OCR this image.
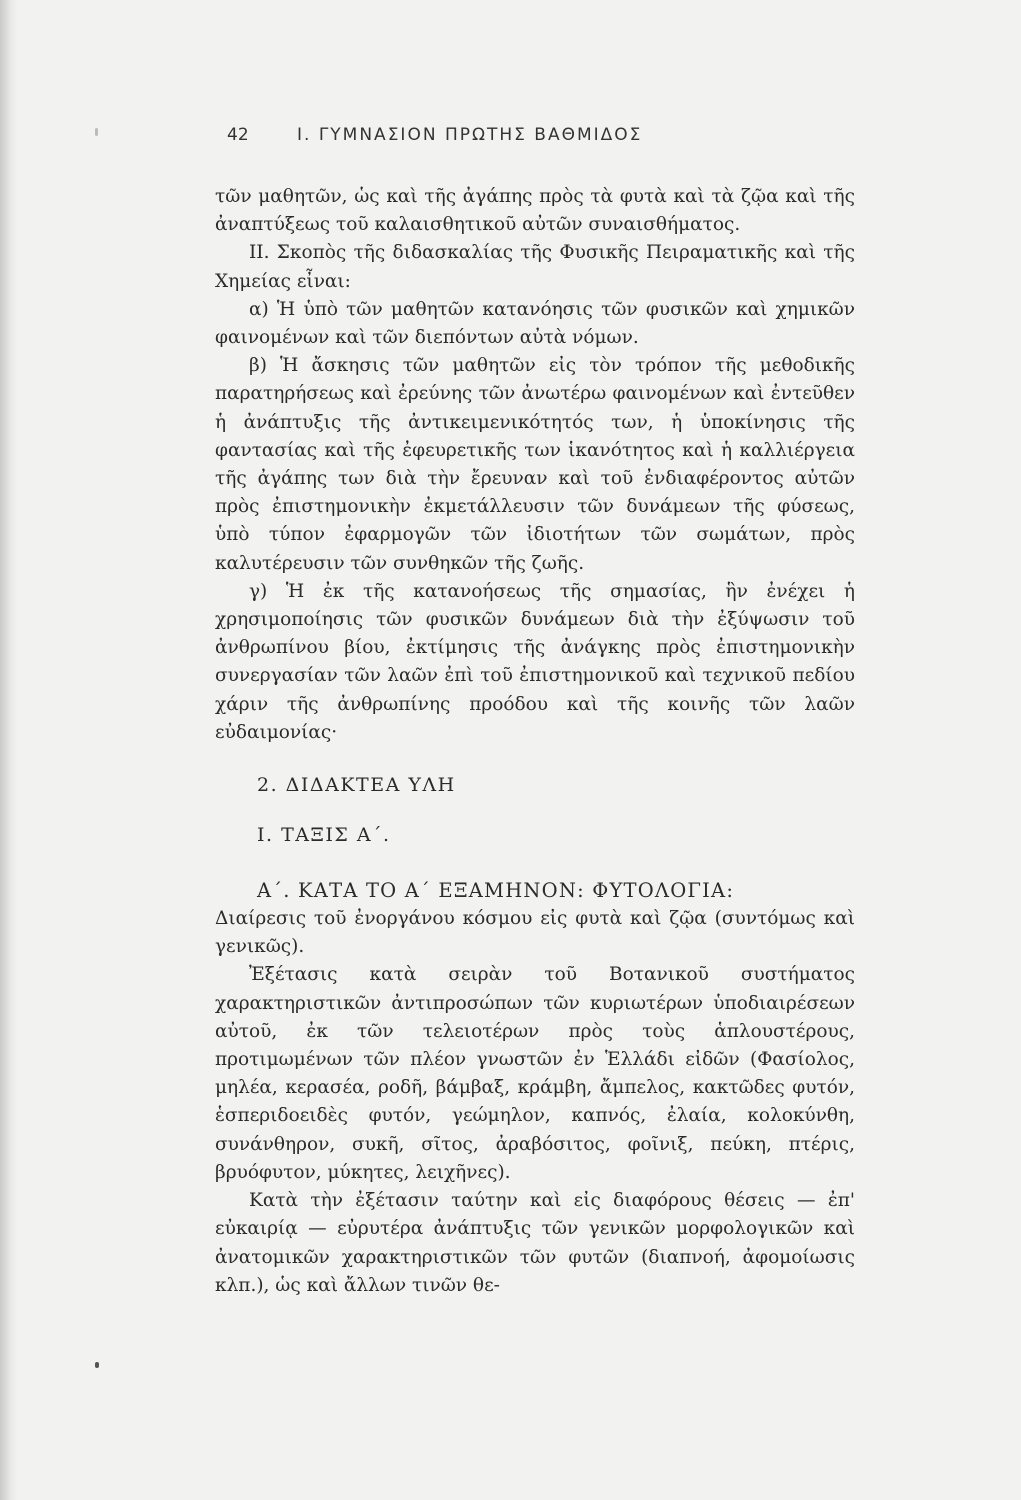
42	Ι. ΓΥΜΝΑΣΙΟΝ ΠΡΩΤΗΣ ΒΑΘΜΙΔΟΣ

τῶν μαθητῶν, ὡς καὶ τῆς ἀγάπης πρὸς τὰ φυτὰ καὶ τὰ ζῷα καὶ τῆς ἀναπτύξεως τοῦ καλαισθητικοῦ αὐτῶν συναισθήματος.

ΙΙ. Σκοπὸς τῆς διδασκαλίας τῆς Φυσικῆς Πειραματικῆς καὶ τῆς Χημείας εἶναι:

α) Ἡ ὑπὸ τῶν μαθητῶν κατανόησις τῶν φυσικῶν καὶ χημικῶν φαινομένων καὶ τῶν διεπόντων αὐτὰ νόμων.

β) Ἡ ἄσκησις τῶν μαθητῶν εἰς τὸν τρόπον τῆς μεθοδικῆς παρατηρήσεως καὶ ἐρεύνης τῶν ἀνωτέρω φαινομένων καὶ ἐντεῦθεν ἡ ἀνάπτυξις τῆς ἀντικειμενικότητός των, ἡ ὑποκίνησις τῆς φαντασίας καὶ τῆς ἐφευρετικῆς των ἱκανότητος καὶ ἡ καλλιέργεια τῆς ἀγάπης των διὰ τὴν ἔρευναν καὶ τοῦ ἐνδιαφέροντος αὐτῶν πρὸς ἐπιστημονικὴν ἐκμετάλλευσιν τῶν δυνάμεων τῆς φύσεως, ὑπὸ τύπον ἐφαρμογῶν τῶν ἰδιοτήτων τῶν σωμάτων, πρὸς καλυτέρευσιν τῶν συνθηκῶν τῆς ζωῆς.

γ) Ἡ ἐκ τῆς κατανοήσεως τῆς σημασίας, ἣν ἐνέχει ἡ χρησιμοποίησις τῶν φυσικῶν δυνάμεων διὰ τὴν ἐξύψωσιν τοῦ ἀνθρωπίνου βίου, ἐκτίμησις τῆς ἀνάγκης πρὸς ἐπιστημονικὴν συνεργασίαν τῶν λαῶν ἐπὶ τοῦ ἐπιστημονικοῦ καὶ τεχνικοῦ πεδίου χάριν τῆς ἀνθρωπίνης προόδου καὶ τῆς κοινῆς τῶν λαῶν εὐδαιμονίας·

2. ΔΙΔΑΚΤΕΑ ΥΛΗ
Ι. ΤΑΞΙΣ Α΄.
Α΄. ΚΑΤΑ ΤΟ Α΄ ΕΞΑΜΗΝΟΝ: ΦΥΤΟΛΟΓΙΑ:

Διαίρεσις τοῦ ἐνοργάνου κόσμου εἰς φυτὰ καὶ ζῷα (συντόμως καὶ γενικῶς).

Ἐξέτασις κατὰ σειρὰν τοῦ Βοτανικοῦ συστήματος χαρακτηριστικῶν ἀντιπροσώπων τῶν κυριωτέρων ὑποδιαιρέσεων αὐτοῦ, ἐκ τῶν τελειοτέρων πρὸς τοὺς ἁπλουστέρους, προτιμωμένων τῶν πλέον γνωστῶν ἐν Ἑλλάδι εἰδῶν (Φασίολος, μηλέα, κερασέα, ροδῆ, βάμβαξ, κράμβη, ἄμπελος, κακτῶδες φυτόν, ἑσπεριδοειδὲς φυτόν, γεώμηλον, καπνός, ἐλαία, κολοκύνθη, συνάνθηρον, συκῆ, σῖτος, ἀραβόσιτος, φοῖνιξ, πεύκη, πτέρις, βρυόφυτον, μύκητες, λειχῆνες).

Κατὰ τὴν ἐξέτασιν ταύτην καὶ εἰς διαφόρους θέσεις — ἐπ' εὐκαιρίᾳ — εὐρυτέρα ἀνάπτυξις τῶν γενικῶν μορφολογικῶν καὶ ἀνατομικῶν χαρακτηριστικῶν τῶν φυτῶν (διαπνοή, ἀφομοίωσις κλπ.), ὡς καὶ ἄλλων τινῶν θε-
